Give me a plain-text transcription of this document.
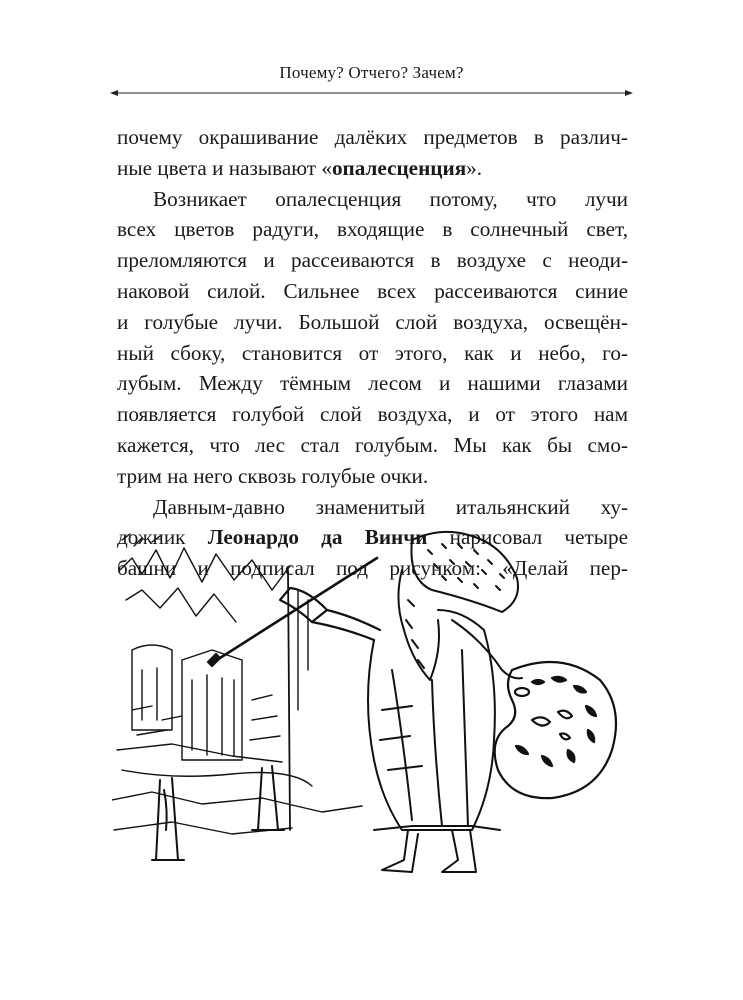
Почему? Отчего? Зачем?
почему окрашивание далёких предметов в различ-
ные цвета и называют «опалесценция».
Возникает опалесценция потому, что лучи
всех цветов радуги, входящие в солнечный свет,
преломляются и рассеиваются в воздухе с неоди-
наковой силой. Сильнее всех рассеиваются синие
и голубые лучи. Большой слой воздуха, освещён-
ный сбоку, становится от этого, как и небо, го-
лубым. Между тёмным лесом и нашими глазами
появляется голубой слой воздуха, и от этого нам
кажется, что лес стал голубым. Мы как бы смо-
трим на него сквозь голубые очки.
Давным-давно знаменитый итальянский ху-
дожник Леонардо да Винчи нарисовал четыре
башни и подписал под рисунком: «Делай пер-
